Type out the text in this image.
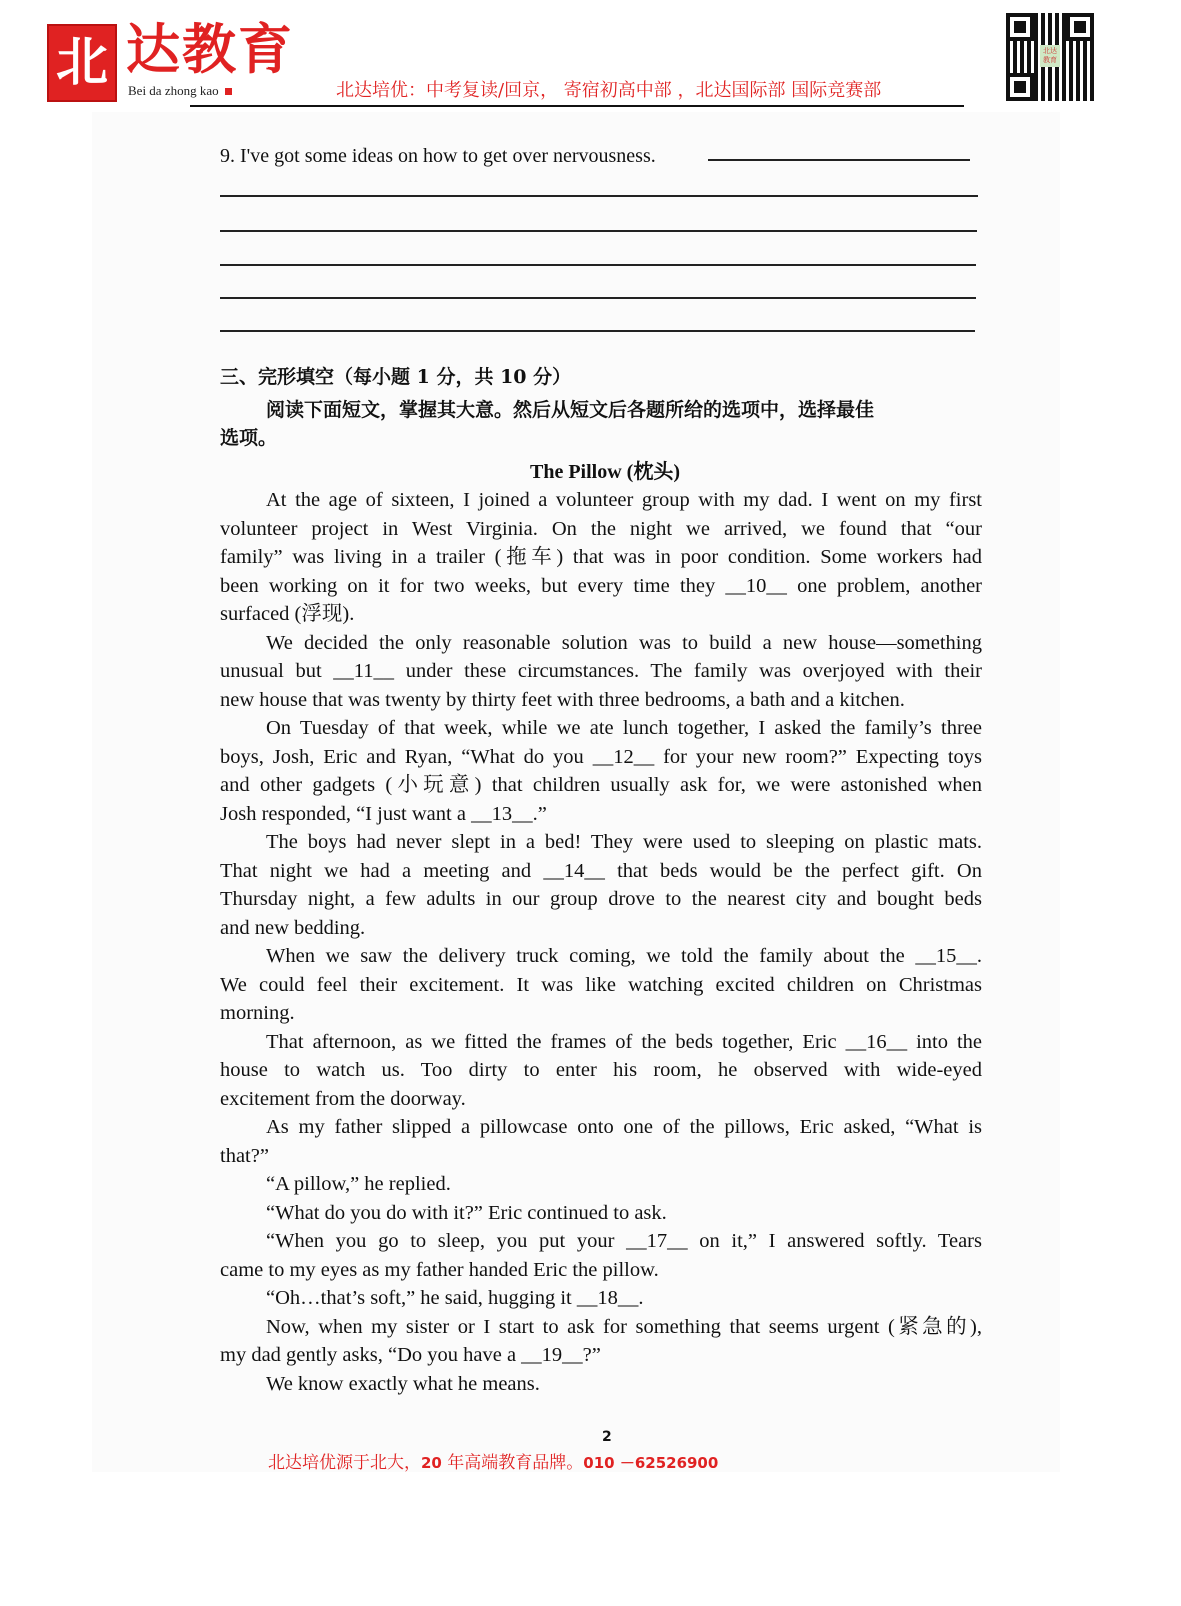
北 达教育
Bei da zhong kao	北达培优：中考复读/回京， 寄宿初高中部 ，北达国际部 国际竞赛部
北达教育
9. I've got some ideas on how to get over nervousness.
三、完形填空（每小题 1 分，共 10 分）
阅读下面短文，掌握其大意。然后从短文后各题所给的选项中，选择最佳
选项。
The Pillow (枕头)
At the age of sixteen, I joined a volunteer group with my dad. I went on my first
volunteer project in West Virginia. On the night we arrived, we found that “our
family” was living in a trailer (拖车) that was in poor condition. Some workers had
been working on it for two weeks, but every time they __10__ one problem, another
surfaced (浮现).
We decided the only reasonable solution was to build a new house—something
unusual but __11__ under these circumstances. The family was overjoyed with their
new house that was twenty by thirty feet with three bedrooms, a bath and a kitchen.
On Tuesday of that week, while we ate lunch together, I asked the family’s three
boys, Josh, Eric and Ryan, “What do you __12__ for your new room?” Expecting toys
and other gadgets (小玩意) that children usually ask for, we were astonished when
Josh responded, “I just want a __13__.”
The boys had never slept in a bed! They were used to sleeping on plastic mats.
That night we had a meeting and __14__ that beds would be the perfect gift. On
Thursday night, a few adults in our group drove to the nearest city and bought beds
and new bedding.
When we saw the delivery truck coming, we told the family about the __15__.
We could feel their excitement. It was like watching excited children on Christmas
morning.
That afternoon, as we fitted the frames of the beds together, Eric __16__ into the
house to watch us. Too dirty to enter his room, he observed with wide-eyed
excitement from the doorway.
As my father slipped a pillowcase onto one of the pillows, Eric asked, “What is
that?”
“A pillow,” he replied.
“What do you do with it?” Eric continued to ask.
“When you go to sleep, you put your __17__ on it,” I answered softly. Tears
came to my eyes as my father handed Eric the pillow.
“Oh…that’s soft,” he said, hugging it __18__.
Now, when my sister or I start to ask for something that seems urgent (紧急的),
my dad gently asks, “Do you have a __19__?”
We know exactly what he means.
2
北达培优源于北大，20 年高端教育品牌。010 －62526900
